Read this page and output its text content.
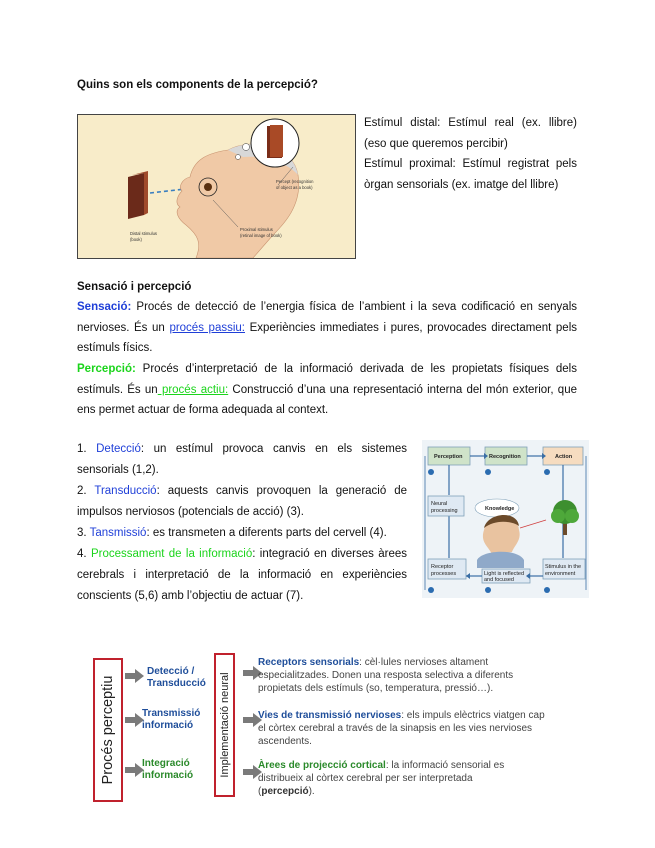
Quins son els components de la percepció?
Distal stimulus
(book)
Percept (recognition
of object as a book)
Proximal stimulus
(retinal image of book)
Estímul distal: Estímul real (ex. llibre)
(eso que queremos percibir)
Estímul proximal: Estímul registrat pels
òrgan sensorials (ex. imatge del llibre)
Sensació i percepció
Sensació: Procés de detecció de l’energia física de l’ambient i la seva codificació en senyals nervioses. És un procés passiu: Experiències immediates i pures, provocades directament pels estímuls físics.
Percepció: Procés d’interpretació de la informació derivada de les propietats físiques dels estímuls. És un procés actiu: Construcció d’una una representació interna del món exterior, que ens permet actuar de forma adequada al context.
1. Detecció: un estímul provoca canvis en els sistemes sensorials (1,2).
2. Transducció: aquests canvis provoquen la generació de impulsos nerviosos (potencials de acció) (3).
3. Tansmissió: es transmeten a diferents parts del cervell (4).
4. Processament de la informació: integració en diverses àrees cerebrals i interpretació de la informació en experiències conscients (5,6) amb l’objectiu de actuar (7).
Perception	Recognition	Action
Neural
processing	Knowledge
Receptor
processes	Light is reflected
and focused
Stimulus in the
environment
Procés perceptiu
Detecció /
Transducció
Transmissió
informació
Integració
informació Implementació neural
Receptors sensorials: cèl·lules nervioses altament especialitzades. Donen una resposta selectiva a diferents propietats dels estímuls (so, temperatura, pressió…).
Vies de transmissió nervioses: els impuls elèctrics viatgen cap el còrtex cerebral a través de la sinapsis en les vies nervioses ascendents.
Àrees de projecció cortical: la informació sensorial es distribueix al còrtex cerebral per ser interpretada (percepció).
